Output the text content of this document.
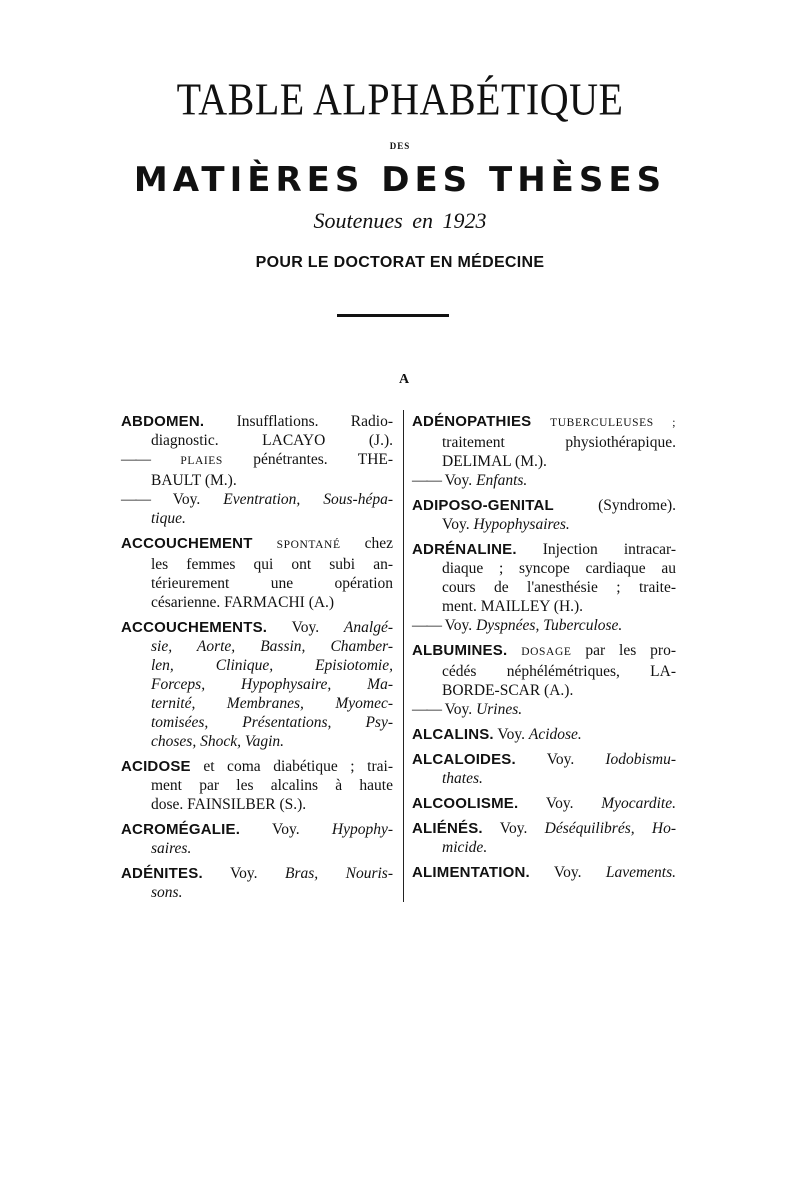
TABLE ALPHABÉTIQUE
DES
MATIÈRES DES THÈSES
Soutenues en 1923
POUR LE DOCTORAT EN MÉDECINE
A
ABDOMEN. Insufflations. Radio-
diagnostic. LACAYO (J.).
——	PLAIES pénétrantes. THE-
BAULT (M.).
—— Voy. Eventration, Sous-hépa-
tique.
ACCOUCHEMENT SPONTANÉ chez
les femmes qui ont subi an-
térieurement une opération
césarienne. FARMACHI (A.)
ACCOUCHEMENTS. Voy. Analgé-
sie, Aorte, Bassin, Chamber-
len, Clinique, Episiotomie,
Forceps, Hypophysaire, Ma-
ternité, Membranes, Myomec-
tomisées, Présentations, Psy-
choses, Shock, Vagin.
ACIDOSE et coma diabétique ; trai-
ment par les alcalins à haute
dose. FAINSILBER (S.).
ACROMÉGALIE. Voy. Hypophy-
saires.
ADÉNITES. Voy. Bras, Nouris-
sons.
ADÉNOPATHIES TUBERCULEUSES ;
traitement physiothérapique.
DELIMAL (M.).
—— Voy. Enfants.
ADIPOSO-GENITAL	(Syndrome).
Voy. Hypophysaires.
ADRÉNALINE. Injection intracar-
diaque ; syncope cardiaque au
cours de l'anesthésie ; traite-
ment. MAILLEY (H.).
—— Voy. Dyspnées, Tuberculose.
ALBUMINES. DOSAGE par les pro-
cédés néphélémétriques, LA-
BORDE-SCAR (A.).
—— Voy. Urines.
ALCALINS. Voy. Acidose.
ALCALOIDES. Voy. Iodobismu-
thates.
ALCOOLISME. Voy. Myocardite.
ALIÉNÉS. Voy. Déséquilibrés, Ho-
micide.
ALIMENTATION. Voy. Lavements.
